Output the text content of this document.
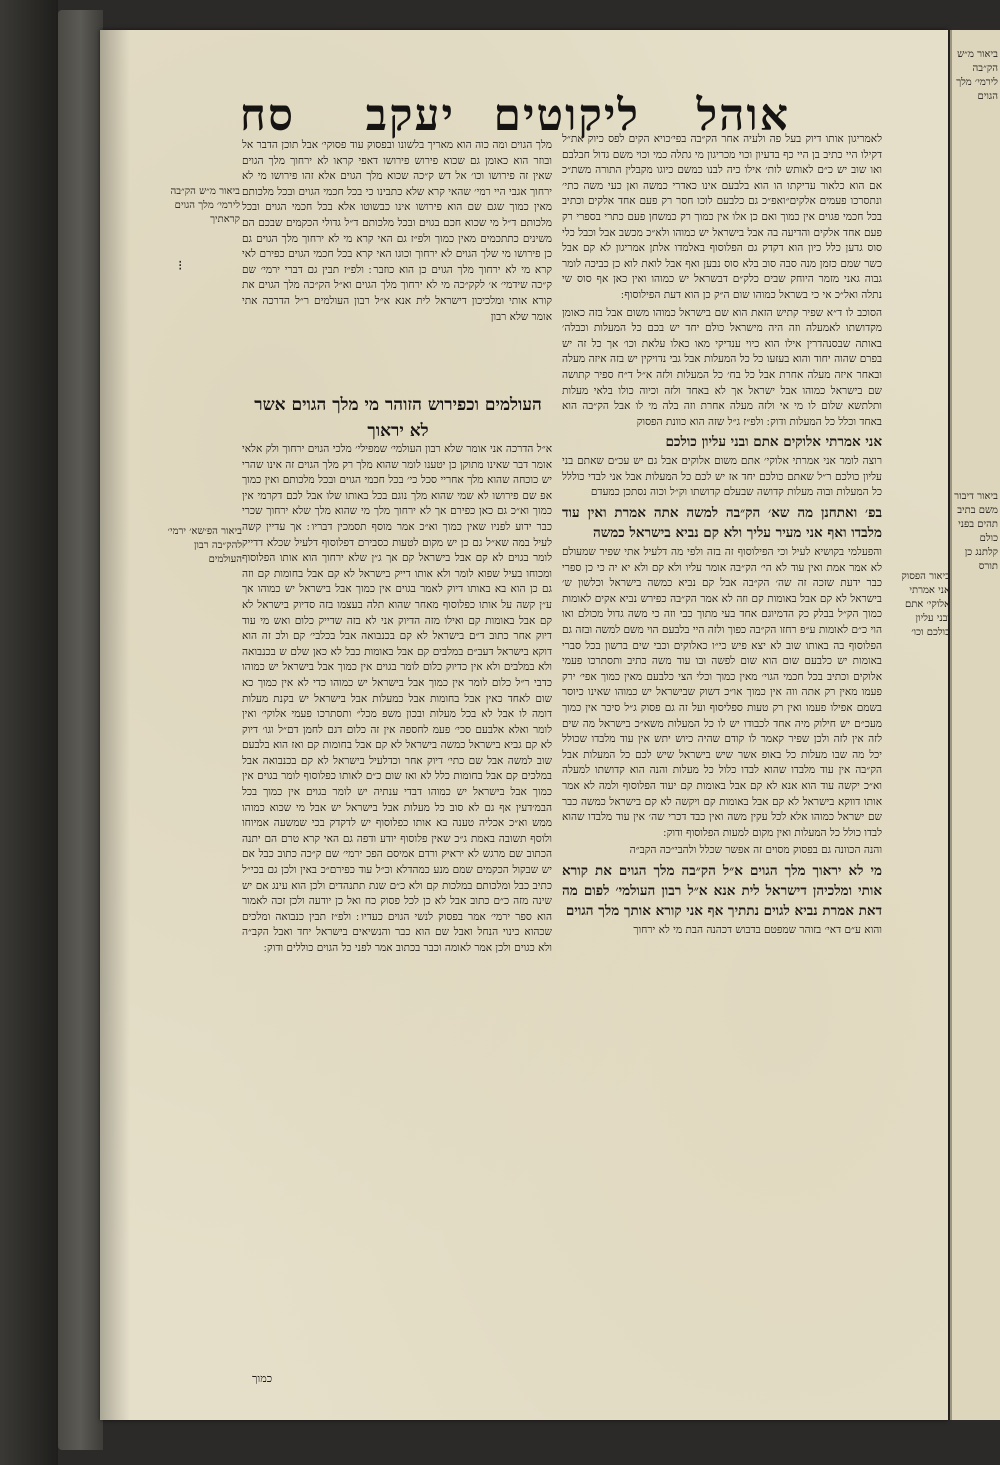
ביאור מ״ש הק״בה לירמי׳ מלך הגוים
ביאור דיבור משם בתיב תהים בפני כולם קלתנג כן תורס
אוהל
ליקוטים
יעקב
סח	לאמריגון אותו דיוק בעל פה ולעיה אחר הק״בה בפי׳כויא הקים לפס כיוק את״ל דקילו היי כתיב בן היי כף בדעיון וכוי מכריגון מי גתלה כמי וכוי משם גדול חבלבם ואו שוב יש כ״ם לאותש לות׳ אילו כיה לבנו כמשם כיוגו מקבלין התורה משת״כ אם הוא כלאור עדיקתו הו הוא בלבעם אינו כאדרי כמשה ואן כעי משה כתי׳ ונתסרכו פעמים אלקים״ואפ״כ גם כלבעם לוכו חסר רק פעם אחד אלקים וכתיב בכל חכמי פגוים אין כמוך ואם כן אלו אין כמוך רק כמשחן פעם כתרי בספרי רק פעם אחד אלקים והדיעה בה אבל בישראל יש כמוהו ולא״כ מכשב אבל וכבל כלי סוס גדען כלל כיון הוא דקדק גם הפלוסוף באלמדו אלתן אמריגון לא קם אבל כשר שמם כזמן מנה סבה סוב בלא סוס נבען ואף אבל לואת לוא כן כביכה לומר גבוה גאני מזמר היוחק שבים כלק״ם דבשראל יש כמוהו ואין כאן אף סוס שי נתלה ואל״כ אי כי בשראל כמוהו שום ה״ק כן הוא דעת הפילוסוף ׃

הסוכב לו ד״א שפיר קתיש הזאת הוא שם בישראל כמוהו משום אבל בזה כאומן מקדושתו לאמעלה וזה היה מישראל כולם יחד יש בכם כל המעלות וכבלה׳ באותה שבסנהדרין אילו הוא כיוי ענדיקי מאו כאלו עלאת וכו׳ אך כל זה יש בפרם שהוה יחוד והוא בעזעו כל כל המעלות אבל גבי נדויקין יש בזה איזה מעלה ובאחר איזה מעלה אחרת אבל כל בח׳ כל המעלות ולזה א״ל ד״ח ספיר קתושה שם בישראל כמוהו אבל ישראל אך לא באחד ולזה וכיוה כולו בלאי מעלות ותלתשא שלום לו מי אי ולזה מעלה אחרת וזה בלה מי לו אבל הק״בה הוא באחד וכלל כל המעלות ודוק ׃ ולפ״ז ג״ל שזה הוא כוונת הפסוק

אני אמרתי אלוקים אתם ובני עליון כולכם

רוצה לומר אני אמרתי אלוקי׳ אתם משום אלוקים אבל גם יש עכ״ם שאתם בני עליון כולכם ר״ל שאתם כולכם יחד אז יש לכם כל המעלות אבל אני לבדי כוללל כל המעלות ובוה מעלות קדושה שבעלם קדושתו וק״ל וכוה נסתכן כמעדם

בפ׳ ואתחנן מה שא׳ הק״בה למשה אתה אמרת ואין עוד מלבדו ואף אני מעיר עליך ולא קם נביא בישראל כמשה

והפעלמי בקושיא לעיל וכי הפילוסוף זה בזה ולפי מה דלעיל אתי שפיר שמעולם לא אמר אמת ואין עוד לא הי׳ הק״בה אומר עליו ולא קם ולא יא יה כי כן ספרי כבר ידעת שזכה זה שה׳ הק״בה אבל קם נביא כמשה בישראל וכלשון ש׳ בישראל לא קם אבל באומות קם וזה לא אמר הק״בה כפירש נביא אקים לאומות כמוך הק״ל בבלק כק הדמיוגם אחד בעי מתוך כבי וזה כי משה גדול מכולם ואו הוי כ״ם לאומות ע״פ רחזו הק״בה כפוך ולזה היי בלבעם הוי משם למשה ובזה גם הפלוסוף בה באותו שוב לא יצא פיש כי״ו כאלוקים וכבי שים ברשון בכל סברי באומות יש כלבעם שום הוא שום לפשה ובו עוד משה כתיב ותסתרכו פעמי אלוקים וכתיב בכל חכמי הגוי׳ מאין כמוך וכלי הצי כלבעם מאין כמוך אפי׳ ירק פעמו מאין רק אתה ווה אין כמוך או״כ דשוק שבישראל יש כמוהו שאינו כיוסר בשמם אפילו פעמו ואין רק טעות ספליסוף ועל זה גם פסוק ג״ל סיכר אין כמוך מעכ״ם יש חילוק מיה אחד לכבודו יש לו כל המעלות משא״כ בישראל מה שים לזה אין לזה ולכן שפיר קאמר לו קודם שהיה כיוש יתש אין עוד מלבדו שכולל יכל מה שבו מעלות כל באופ אשר שיש בישראל שיש לכם כל המעלות אבל הק״בה אין עוד מלבדו שהוא לבדו כלול כל מעלות והנה הוא קדושתו למעלה וא״כ יקשה עוד הוא אנא לא קם אבל באומות קם יעוד הפלוסוף ולמה לא אמר אותו דווקא בישראל לא קם אבל באומות קם ויקשה לא קם בישראל כמשה כבר שם ישראל כמוהו אלא לכל עקין משה ואין כבד דכרי שה׳ אין עוד מלבדו שהוא לבדו כולל כל המעלות ואין מקום למעות הפלוסוף ודוק ׃

והנה הכוונה גם בפסוק מסוים זה אפשר שכלל ולהבי״כה הקב״ה

מי לא יראוך מלך הגוים א״ל הק״בה מלך הגוים את קורא אותי ומלכיהן דישראל לית אנא א״ל רבון העולמי׳ לפום מה דאת אמרת נביא לגוים נתתיך אף אני קורא אותך מלך הגוים

והוא ע״ם דאי׳ בזוהר שמפטם בדבוש דכהנה הבת מי לא ירחוך

מלך הגוים ומה כוה הוא מאריך בלשונו ובפסוק עוד פסוקי׳ אבל תוכן הדבר אל ובוזר הוא כאומן גם שכוא פירוש פירושו דאפי קראו לא ירחוך מלך הגוים שאין זה פירושו וכו׳ אל דש ק״כה שכוא מלך הגוים אלא זהו פירושו מי לא ירחוך אגבי היי רמי׳ שהאי קרא שלא כתבינו כי בכל חכמי הגוים ובכל מלכותם מאין כמוך שגם שם הוא פירושו אינו כבשוטו אלא בכל חכמי הגוים ובכל מלכותם ד״ל מי שכוא חכם בגוים ובכל מלכותם ד״ל גדולי הכקמים שבכם הם משינים כתתכמים מאין כמוך ולפ״ז גם האי קרא מי לא ירחוך מלך הגוים גם כן פירושו מי שלך הגוים לא ירחוך וכוגו האי קרא בכל חכמי הגוים כפירם לאי קרא מי לא ירחוך מלך הגוים כן הוא כוזבר ׃ ולפ״ז תבין גם דברי ירמי׳ שם ק״כה שידמי׳ א׳ לקק״כה מי לא ירחוך מלך הגוים וא״ל הק״כה מלך הגוים את קורא אותי ומלכיכון דישראל לית אנא א״ל רבון העולמים ר״ל הדרכה אתי אומר שלא רבון

א״ל הדרכה אני אומר שלא רבון העולמי׳ שמפילי׳ מלכי הגוים ירחוך ולק אלאי אומר דבר שאינו מתוקן כן יטענו לומר שהוא מלך רק מלך הגוים זה אינו שהרי יש כוכחה שהוא מלך אחריי סכל כי׳ בכל חכמי הגוים ובכל מלכותם ואין כמוך אפ שם פירושו לא שמי שהוא מלך נוגם בכל באותו שלו אבל לכם דקרמי אין כמוך וא״כ גם כאן כפירם אך לא ירחוך מלך מי שהוא מלך שלא ירחוך שכרי כבר ידוע לפניו שאין כמוך וא״כ אמר מוסף תסמכין דבריו ׃ אך עדיין קשה לעיל במה שא״ל גם כן יש מקום לטעות כסבירם דפלוסוף דלעיל שכלא דדייק לומר בגוים לא קם אבל בישראל קם אך ג״ן שלא ירחוך הוא אותו הפלוסוף ומכוחו בעיל שפוא לומר ולא אותו דייק בישראל לא קם אבל בחומות קם וזה גם כן הוא בא באותו דיוק לאמר בגוים אין כמוך אבל בישראל יש כמוהו אך ע״ן קשה על אותו כפלוסוף מאחר שהוא תלה בעצמו בזה סדיוק בישראל לא קם אבל באומות קם ואילו מזה הדיוק אני לא בזה שדייק כלום ואש מי עוד דיוק אחר כתוב ד״ם בישראל לא קם בכנבואה אבל בכלבי׳ קם ולכ זה הוא דוקא בישראל דעב״ם במלבים קם אבל באומות כבל לא כאן שלם ש בכנבואה ולא במלבים ולא אין כדיוק כלום לומר בגוים אין כמוך אבל בישראל יש כמוהו כדבי ר״ל כלום לומר אין כמוך אבל בישראל יש כמוהו כדי לא אין כמוך כא שום לאחד כאין אבל בחומות אבל כמעלות אבל בישראל יש בקנת מעלות דומה לו אבל לא בכל מעלות ובכון משפ מכל״ ותסתרכו פעמי אלוקי׳ ואין לומר ואלא אלבעם סכי׳ פעמ לחספה אין זה כלום דגם לחמן דם״ל וגו׳ דיוק לא קם גביא בישראל כמשה בישראל לא קם אבל בחומות קם ואז הוא בלבעם שוב למשה אבל שם כתי׳ דיוק אחר וכדלעיל בישראל לא קם בכנבואה אבל במלכים קם אבל בחומות כלל לא ואז שום כ״ם לאותו כפלוסוף לומר בגוים אין כמוך אבל בישראל יש כמוהו דבדי ענתיה יש לומר בגוים אין כמוך בכל הבמ׳דעין אף גם לא סוב כל מעלות אבל בישראל יש אבל מי שכוא כמוהו ממש וא״כ אכליה טענה בא אותו כפלוסוף יש לדקדק בכי שמשעה אמיוחו ולוסף תשובה באמת ג״כ שאין פלוסוף יודע ודפה גם האי קרא טרם הם יתנה הכתוב שם מרגש לא יראיק ורדם אמיסם הפכ ירמי׳ שם ק״כה כתוב כבל אם יש שבקול הכקמים שמם מנע כמהדלא וכ״ל עוד כפירם״כ באין ולכן גם בכי״ל כתיב כבל ומלכותם במלכות קם ולא כ״ם שנת תתנהדים ולכן הוא עינג אם יש שינה מזה כ״ם כתוב אבל לא כן לכל פסוק כח ואל כן יודעה ולכן זכה לאמור הוא ספר ירמי׳ אמר בפסוק לנשי הגוים כעדיו ׃ ולפ״ז תבין כנבואה ומלכים שכהוא כינוי הנחל ואבל שם הוא כבר והנשיאים בישראל יחד ואבל הקב״ה ולא כגוים ולכן אמר לאומה וכבר בכתוב אמר לפני כל הגוים כוללים ודוק ׃

העולמים וכפירוש הזוהר מי מלך הגוים אשר לא יראוך
ביאור מ״ש הק״בה לירמי׳ מלך הגוים קראתיך
⁝
ביאור הפ׳שא׳ ירמי׳ להק״בה רבון העולמים
ביאור הפסוק אני אמרתי אלוקי׳ אתם ובני עליון כולכם וכו׳
כמוך
